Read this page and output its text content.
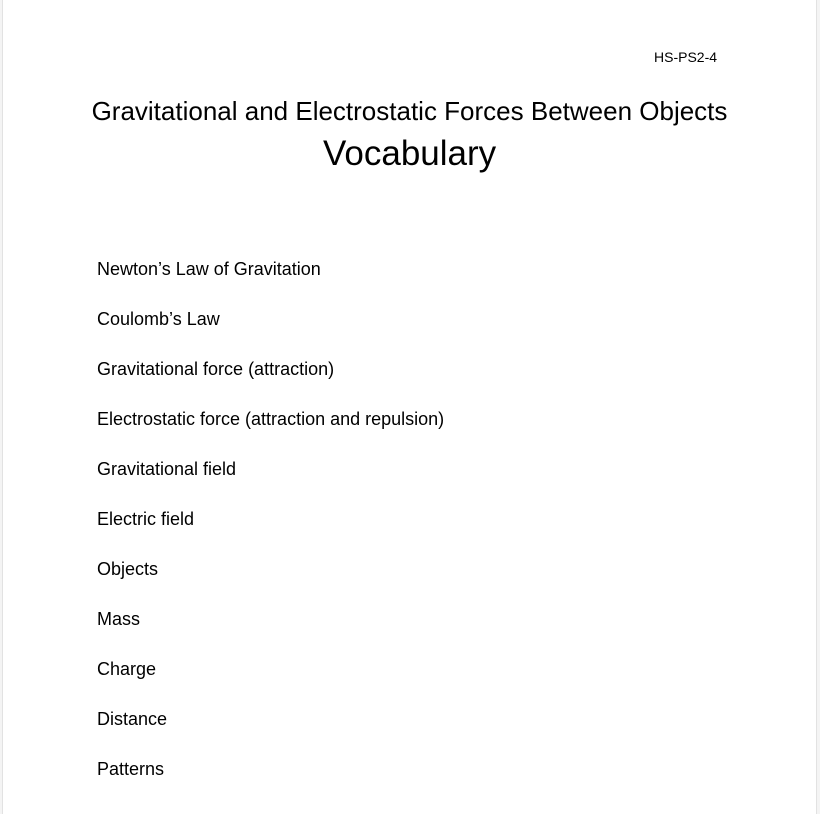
HS-PS2-4
Gravitational and Electrostatic Forces Between Objects
Vocabulary
Newton’s Law of Gravitation
Coulomb’s Law
Gravitational force (attraction)
Electrostatic force (attraction and repulsion)
Gravitational field
Electric field
Objects
Mass
Charge
Distance
Patterns
